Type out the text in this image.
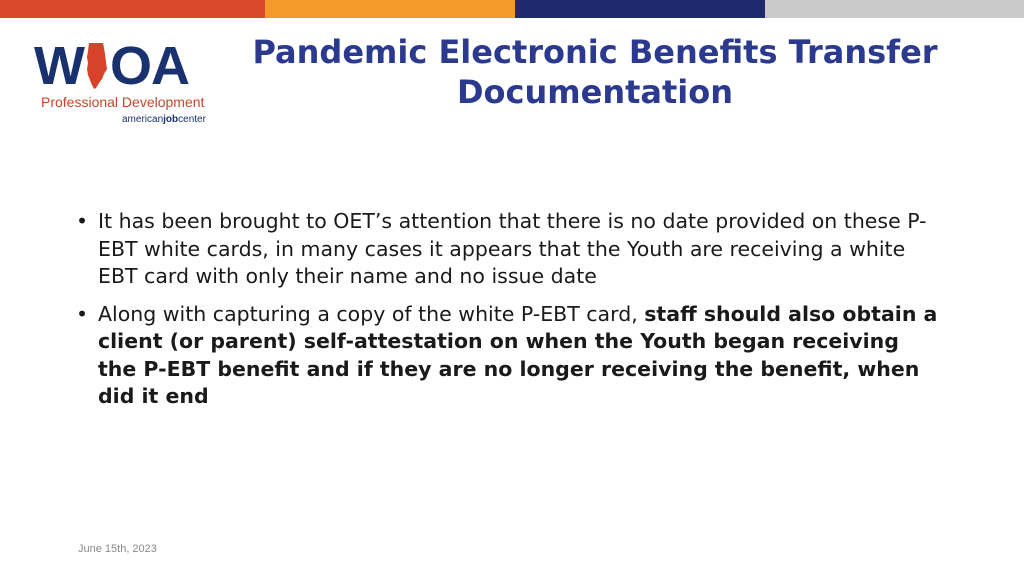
W OA
Professional Development
americanjobcenter
Pandemic Electronic Benefits Transfer
Documentation
• It has been brought to OET’s attention that there is no date provided on these P-EBT white cards, in many cases it appears that the Youth are receiving a white EBT card with only their name and no issue date
• Along with capturing a copy of the white P-EBT card, staff should also obtain a client (or parent) self-attestation on when the Youth began receiving the P-EBT benefit and if they are no longer receiving the benefit, when did it end
June 15th, 2023
